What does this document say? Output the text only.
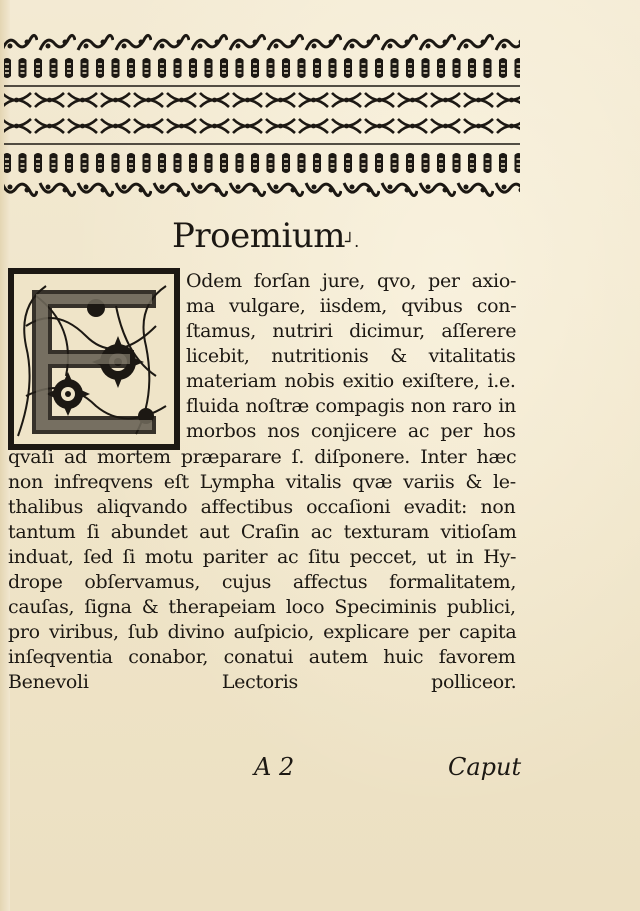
Proemium┘.
Odem forſan jure, qvo, per axio-
ma vulgare, iisdem, qvibus con-
ſtamus, nutriri dicimur, aſſerere
licebit, nutritionis & vitalitatis
materiam nobis exitio exiſtere, i.e.
fluida noſtræ compagis non raro in
morbos nos conjicere ac per hos
qvaſi ad mortem præparare ſ. diſponere. Inter hæc
non infreqvens eſt Lympha vitalis qvæ variis & le-
thalibus aliqvando affectibus occaſioni evadit: non
tantum ſi abundet aut Craſin ac texturam vitioſam
induat, ſed ſi motu pariter ac ſitu peccet, ut in Hy-
drope obſervamus, cujus affectus formalitatem,
cauſas, ſigna & therapeiam loco Speciminis publici,
pro viribus, ſub divino auſpicio, explicare per capita
inſeqventia conabor, conatui autem huic favorem
Benevoli Lectoris polliceor.
A 2	Caput
